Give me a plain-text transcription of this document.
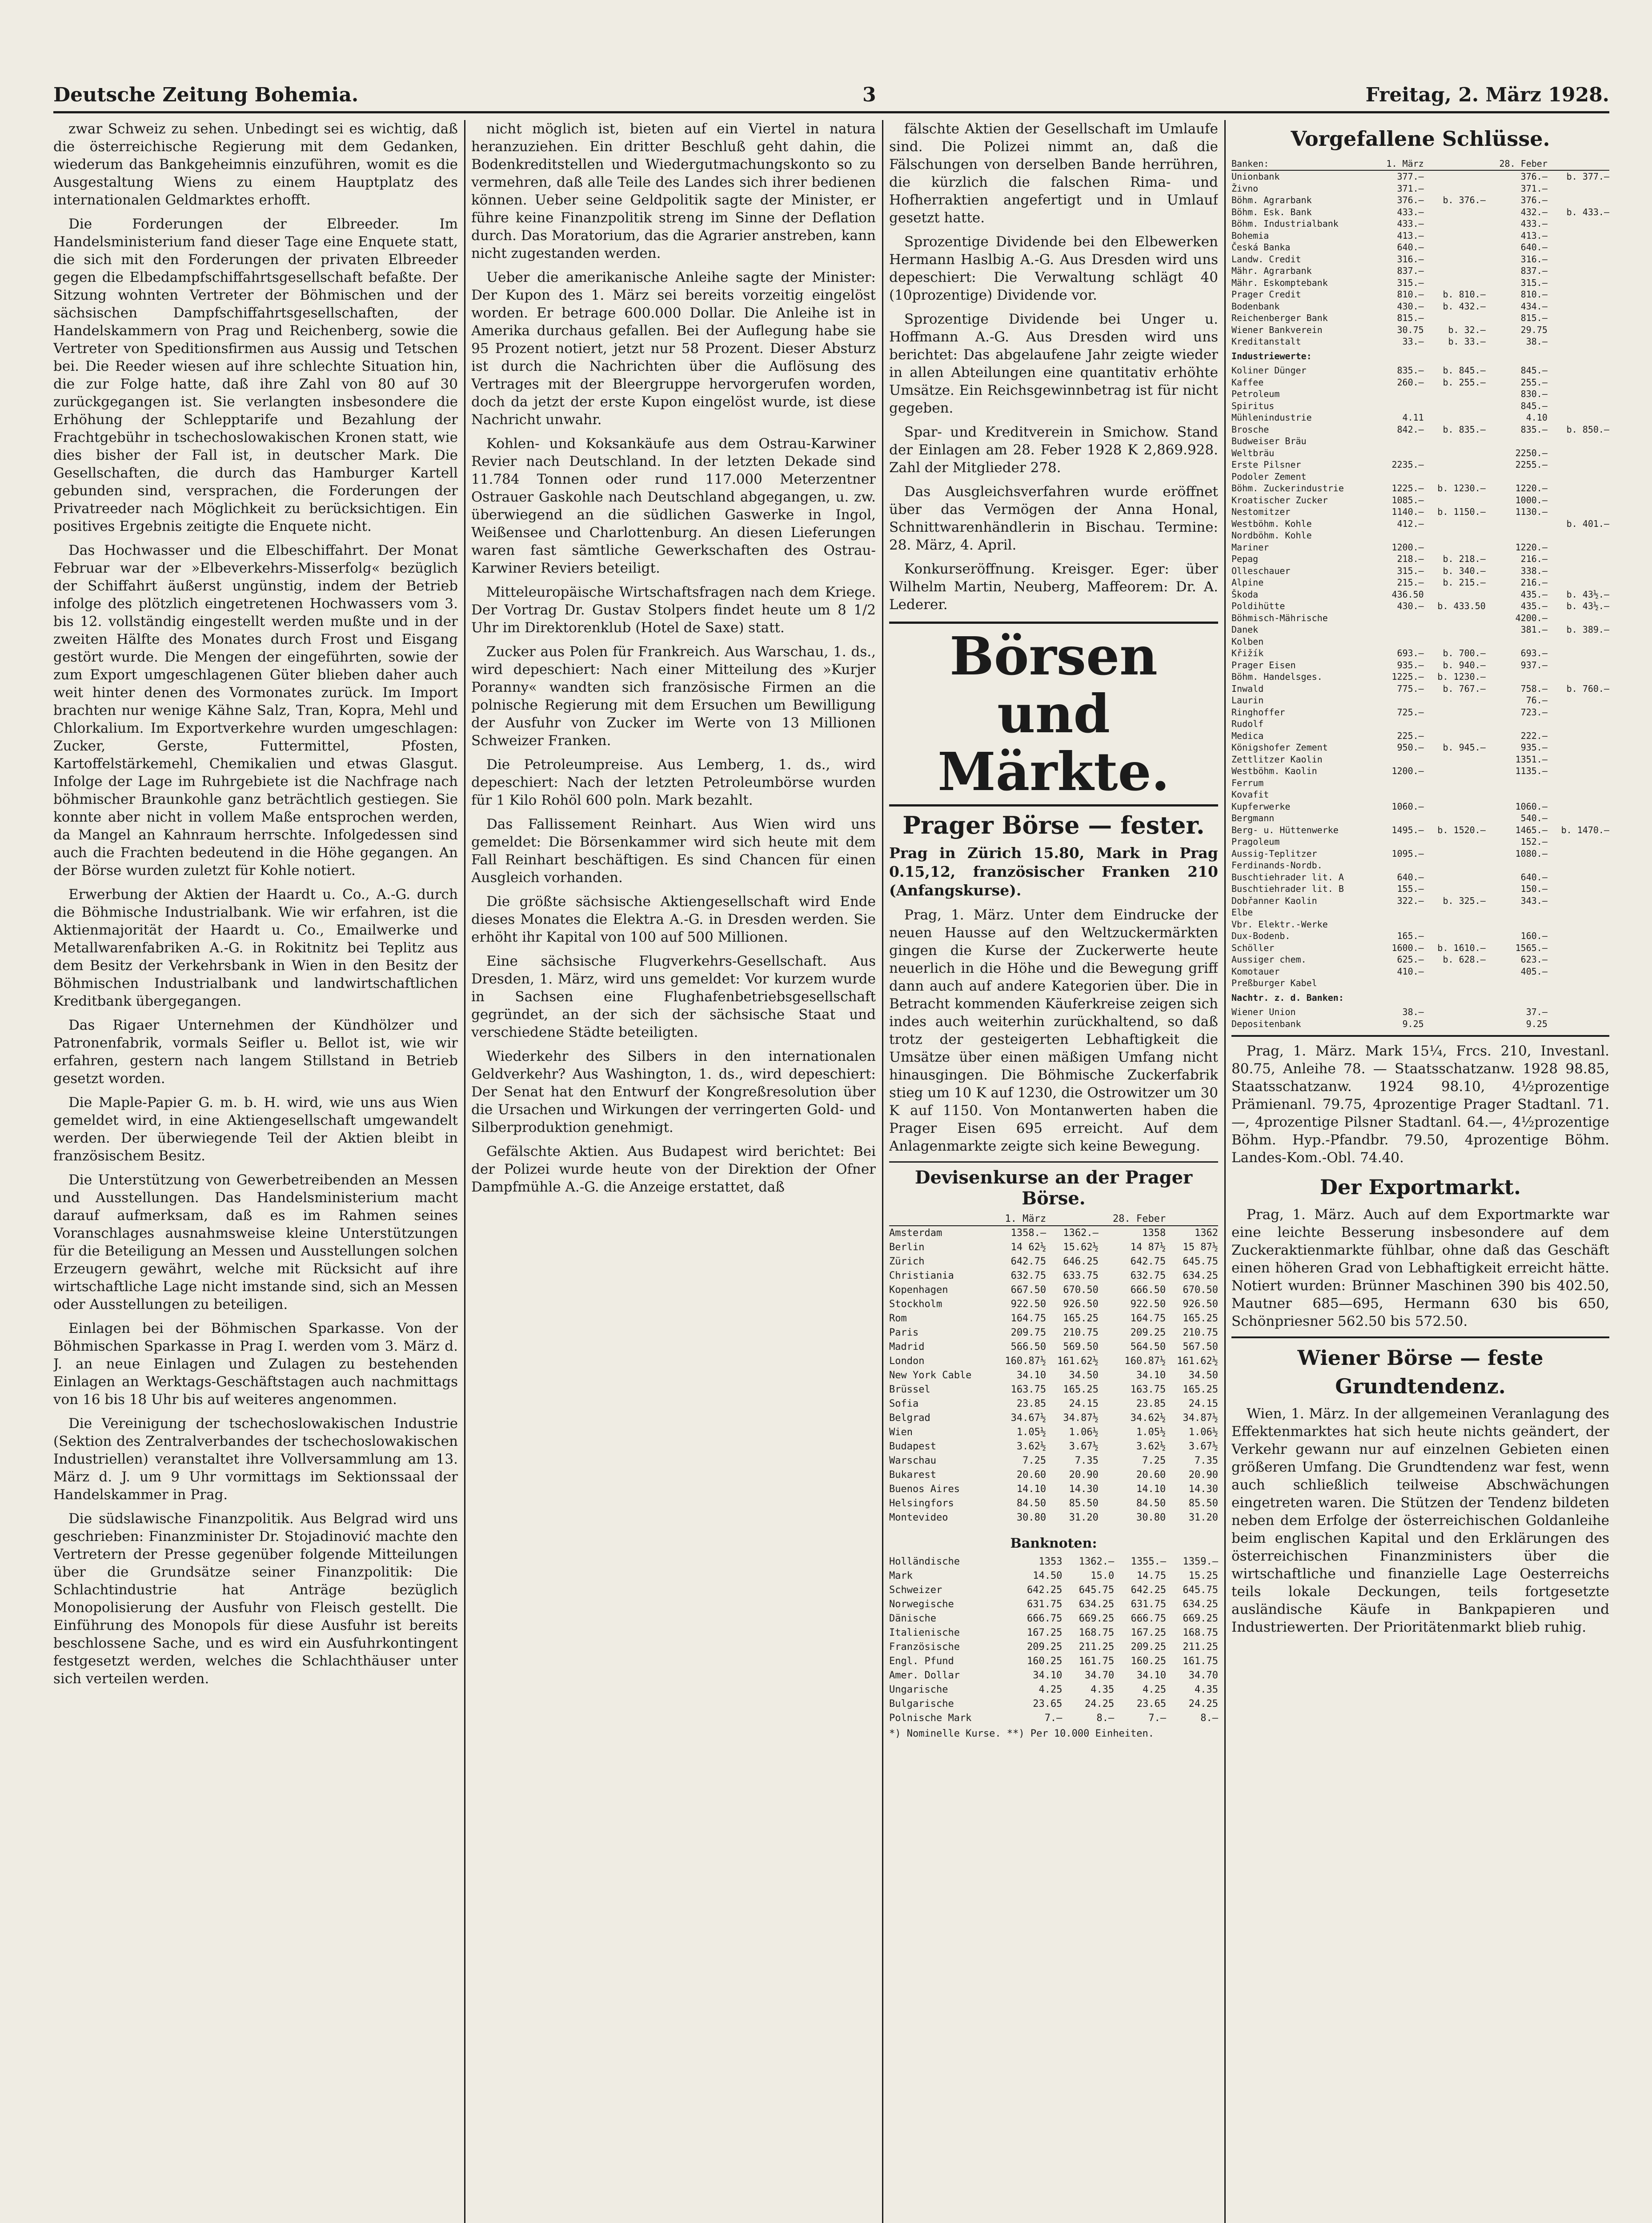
Deutsche Zeitung Bohemia.	3	Freitag, 2. März 1928.

zwar Schweiz zu sehen. Unbedingt sei es wichtig, daß die österreichische Regierung mit dem Gedanken, wiederum das Bankgeheimnis einzuführen, womit es die Ausgestaltung Wiens zu einem Hauptplatz des internationalen Geldmarktes erhofft.

Die Forderungen der Elbreeder. Im Handelsministerium fand dieser Tage eine Enquete statt, die sich mit den Forderungen der privaten Elbreeder gegen die Elbedampfschiffahrtsgesellschaft befaßte. Der Sitzung wohnten Vertreter der Böhmischen und der sächsischen Dampfschiffahrtsgesellschaften, der Handelskammern von Prag und Reichenberg, sowie die Vertreter von Speditionsfirmen aus Aussig und Tetschen bei. Die Reeder wiesen auf ihre schlechte Situation hin, die zur Folge hatte, daß ihre Zahl von 80 auf 30 zurückgegangen ist. Sie verlangten insbesondere die Erhöhung der Schlepptarife und Bezahlung der Frachtgebühr in tschechoslowakischen Kronen statt, wie dies bisher der Fall ist, in deutscher Mark. Die Gesellschaften, die durch das Hamburger Kartell gebunden sind, versprachen, die Forderungen der Privatreeder nach Möglichkeit zu berücksichtigen. Ein positives Ergebnis zeitigte die Enquete nicht.

Das Hochwasser und die Elbeschiffahrt. Der Monat Februar war der »Elbeverkehrs-Misserfolg« bezüglich der Schiffahrt äußerst ungünstig, indem der Betrieb infolge des plötzlich eingetretenen Hochwassers vom 3. bis 12. vollständig eingestellt werden mußte und in der zweiten Hälfte des Monates durch Frost und Eisgang gestört wurde. Die Mengen der eingeführten, sowie der zum Export umgeschlagenen Güter blieben daher auch weit hinter denen des Vormonates zurück. Im Import brachten nur wenige Kähne Salz, Tran, Kopra, Mehl und Chlorkalium. Im Exportverkehre wurden umgeschlagen: Zucker, Gerste, Futtermittel, Pfosten, Kartoffelstärkemehl, Chemikalien und etwas Glasgut. Infolge der Lage im Ruhrgebiete ist die Nachfrage nach böhmischer Braunkohle ganz beträchtlich gestiegen. Sie konnte aber nicht in vollem Maße entsprochen werden, da Mangel an Kahnraum herrschte. Infolgedessen sind auch die Frachten bedeutend in die Höhe gegangen. An der Börse wurden zuletzt für Kohle notiert.

Erwerbung der Aktien der Haardt u. Co., A.-G. durch die Böhmische Industrialbank. Wie wir erfahren, ist die Aktienmajorität der Haardt u. Co., Emailwerke und Metallwarenfabriken A.-G. in Rokitnitz bei Teplitz aus dem Besitz der Verkehrsbank in Wien in den Besitz der Böhmischen Industrialbank und landwirtschaftlichen Kreditbank übergegangen.

Das Rigaer Unternehmen der Kündhölzer und Patronenfabrik, vormals Seifler u. Bellot ist, wie wir erfahren, gestern nach langem Stillstand in Betrieb gesetzt worden.

Die Maple-Papier G. m. b. H. wird, wie uns aus Wien gemeldet wird, in eine Aktiengesellschaft umgewandelt werden. Der überwiegende Teil der Aktien bleibt in französischem Besitz.

Die Unterstützung von Gewerbetreibenden an Messen und Ausstellungen. Das Handelsministerium macht darauf aufmerksam, daß es im Rahmen seines Voranschlages ausnahmsweise kleine Unterstützungen für die Beteiligung an Messen und Ausstellungen solchen Erzeugern gewährt, welche mit Rücksicht auf ihre wirtschaftliche Lage nicht imstande sind, sich an Messen oder Ausstellungen zu beteiligen.

Einlagen bei der Böhmischen Sparkasse. Von der Böhmischen Sparkasse in Prag I. werden vom 3. März d. J. an neue Einlagen und Zulagen zu bestehenden Einlagen an Werktags-Geschäftstagen auch nachmittags von 16 bis 18 Uhr bis auf weiteres angenommen.

Die Vereinigung der tschechoslowakischen Industrie (Sektion des Zentralverbandes der tschechoslowakischen Industriellen) veranstaltet ihre Vollversammlung am 13. März d. J. um 9 Uhr vormittags im Sektionssaal der Handelskammer in Prag.

Die südslawische Finanzpolitik. Aus Belgrad wird uns geschrieben: Finanzminister Dr. Stojadinović machte den Vertretern der Presse gegenüber folgende Mitteilungen über die Grundsätze seiner Finanzpolitik: Die Schlachtindustrie hat Anträge bezüglich Monopolisierung der Ausfuhr von Fleisch gestellt. Die Einführung des Monopols für diese Ausfuhr ist bereits beschlossene Sache, und es wird ein Ausfuhrkontingent festgesetzt werden, welches die Schlachthäuser unter sich verteilen werden.

nicht möglich ist, bieten auf ein Viertel in natura heranzuziehen. Ein dritter Beschluß geht dahin, die Bodenkreditstellen und Wiedergutmachungskonto so zu vermehren, daß alle Teile des Landes sich ihrer bedienen können. Ueber seine Geldpolitik sagte der Minister, er führe keine Finanzpolitik streng im Sinne der Deflation durch. Das Moratorium, das die Agrarier anstreben, kann nicht zugestanden werden.

Ueber die amerikanische Anleihe sagte der Minister: Der Kupon des 1. März sei bereits vorzeitig eingelöst worden. Er betrage 600.000 Dollar. Die Anleihe ist in Amerika durchaus gefallen. Bei der Auflegung habe sie 95 Prozent notiert, jetzt nur 58 Prozent. Dieser Absturz ist durch die Nachrichten über die Auflösung des Vertrages mit der Bleergruppe hervorgerufen worden, doch da jetzt der erste Kupon eingelöst wurde, ist diese Nachricht unwahr.

Kohlen- und Koksankäufe aus dem Ostrau-Karwiner Revier nach Deutschland. In der letzten Dekade sind 11.784 Tonnen oder rund 117.000 Meterzentner Ostrauer Gaskohle nach Deutschland abgegangen, u. zw. überwiegend an die südlichen Gaswerke in Ingol, Weißensee und Charlottenburg. An diesen Lieferungen waren fast sämtliche Gewerkschaften des Ostrau-Karwiner Reviers beteiligt.

Mitteleuropäische Wirtschaftsfragen nach dem Kriege. Der Vortrag Dr. Gustav Stolpers findet heute um 8 1/2 Uhr im Direktorenklub (Hotel de Saxe) statt.

Zucker aus Polen für Frankreich. Aus Warschau, 1. ds., wird depeschiert: Nach einer Mitteilung des »Kurjer Poranny« wandten sich französische Firmen an die polnische Regierung mit dem Ersuchen um Bewilligung der Ausfuhr von Zucker im Werte von 13 Millionen Schweizer Franken.

Die Petroleumpreise. Aus Lemberg, 1. ds., wird depeschiert: Nach der letzten Petroleumbörse wurden für 1 Kilo Rohöl 600 poln. Mark bezahlt.

Das Fallissement Reinhart. Aus Wien wird uns gemeldet: Die Börsenkammer wird sich heute mit dem Fall Reinhart beschäftigen. Es sind Chancen für einen Ausgleich vorhanden.

Die größte sächsische Aktiengesellschaft wird Ende dieses Monates die Elektra A.-G. in Dresden werden. Sie erhöht ihr Kapital von 100 auf 500 Millionen.

Eine sächsische Flugverkehrs-Gesellschaft. Aus Dresden, 1. März, wird uns gemeldet: Vor kurzem wurde in Sachsen eine Flughafenbetriebsgesellschaft gegründet, an der sich der sächsische Staat und verschiedene Städte beteiligten.

Wiederkehr des Silbers in den internationalen Geldverkehr? Aus Washington, 1. ds., wird depeschiert: Der Senat hat den Entwurf der Kongreßresolution über die Ursachen und Wirkungen der verringerten Gold- und Silberproduktion genehmigt.

Gefälschte Aktien. Aus Budapest wird berichtet: Bei der Polizei wurde heute von der Direktion der Ofner Dampfmühle A.-G. die Anzeige erstattet, daß

fälschte Aktien der Gesellschaft im Umlaufe sind. Die Polizei nimmt an, daß die Fälschungen von derselben Bande herrühren, die kürzlich die falschen Rima- und Hofherraktien angefertigt und in Umlauf gesetzt hatte.

Sprozentige Dividende bei den Elbewerken Hermann Haslbig A.-G. Aus Dresden wird uns depeschiert: Die Verwaltung schlägt 40 (10prozentige) Dividende vor.

Sprozentige Dividende bei Unger u. Hoffmann A.-G. Aus Dresden wird uns berichtet: Das abgelaufene Jahr zeigte wieder in allen Abteilungen eine quantitativ erhöhte Umsätze. Ein Reichsgewinnbetrag ist für nicht gegeben.

Spar- und Kreditverein in Smichow. Stand der Einlagen am 28. Feber 1928 K 2,869.928. Zahl der Mitglieder 278.

Das Ausgleichsverfahren wurde eröffnet über das Vermögen der Anna Honal, Schnittwarenhändlerin in Bischau. Termine: 28. März, 4. April.

Konkurseröffnung. Kreisger. Eger: über Wilhelm Martin, Neuberg, Maffeorem: Dr. A. Lederer.

Börsen und Märkte.
Prager Börse — fester.
Prag in Zürich 15.80, Mark in Prag 0.15,12, französischer Franken 210 (Anfangskurse).

Prag, 1. März. Unter dem Eindrucke der neuen Hausse auf den Weltzuckermärkten gingen die Kurse der Zuckerwerte heute neuerlich in die Höhe und die Bewegung griff dann auch auf andere Kategorien über. Die in Betracht kommenden Käuferkreise zeigen sich indes auch weiterhin zurückhaltend, so daß trotz der gesteigerten Lebhaftigkeit die Umsätze über einen mäßigen Umfang nicht hinausgingen. Die Böhmische Zuckerfabrik stieg um 10 K auf 1230, die Ostrowitzer um 30 K auf 1150. Von Montanwerten haben die Prager Eisen 695 erreicht. Auf dem Anlagenmarkte zeigte sich keine Bewegung.

Devisenkurse an der Prager Börse.
	1. März		28. Feber	
Amsterdam	1358.—	1362.—	1358	1362
Berlin	14 62½	15.62½	14 87½	15 87½
Zürich	642.75	646.25	642.75	645.75
Christiania	632.75	633.75	632.75	634.25
Kopenhagen	667.50	670.50	666.50	670.50
Stockholm	922.50	926.50	922.50	926.50
Rom	164.75	165.25	164.75	165.25
Paris	209.75	210.75	209.25	210.75
Madrid	566.50	569.50	564.50	567.50
London	160.87½	161.62½	160.87½	161.62½
New York Cable	34.10	34.50	34.10	34.50
Brüssel	163.75	165.25	163.75	165.25
Sofia	23.85	24.15	23.85	24.15
Belgrad	34.67½	34.87½	34.62½	34.87½
Wien	1.05½	1.06½	1.05½	1.06½
Budapest	3.62½	3.67½	3.62½	3.67½
Warschau	7.25	7.35	7.25	7.35
Bukarest	20.60	20.90	20.60	20.90
Buenos Aires	14.10	14.30	14.10	14.30
Helsingfors	84.50	85.50	84.50	85.50
Montevideo	30.80	31.20	30.80	31.20
Banknoten:
Holländische	1353	1362.—	1355.—	1359.—
Mark	14.50	15.0	14.75	15.25
Schweizer	642.25	645.75	642.25	645.75
Norwegische	631.75	634.25	631.75	634.25
Dänische	666.75	669.25	666.75	669.25
Italienische	167.25	168.75	167.25	168.75
Französische	209.25	211.25	209.25	211.25
Engl. Pfund	160.25	161.75	160.25	161.75
Amer. Dollar	34.10	34.70	34.10	34.70
Ungarische	4.25	4.35	4.25	4.35
Bulgarische	23.65	24.25	23.65	24.25
Polnische Mark	7.—	8.—	7.—	8.—
*) Nominelle Kurse. **) Per 10.000 Einheiten.
Vorgefallene Schlüsse.
Banken:	1. März		28. Feber	
Unionbank	377.—		376.—	b. 377.—
Živno	371.—		371.—	
Böhm. Agrarbank	376.—	b. 376.—	376.—	
Böhm. Esk. Bank	433.—		432.—	b. 433.—
Böhm. Industrialbank	433.—		433.—	
Bohemia	413.—		413.—	
Česká Banka	640.—		640.—	
Landw. Credit	316.—		316.—	
Mähr. Agrarbank	837.—		837.—	
Mähr. Eskomptebank	315.—		315.—	
Prager Credit	810.—	b. 810.—	810.—	
Bodenbank	430.—	b. 432.—	434.—	
Reichenberger Bank	815.—		815.—	
Wiener Bankverein	30.75	b. 32.—	29.75	
Kreditanstalt	33.—	b. 33.—	38.—	
Industriewerte:				
Koliner Dünger	835.—	b. 845.—	845.—	
Kaffee	260.—	b. 255.—	255.—	
Petroleum			830.—	
Spiritus			845.—	
Mühlenindustrie	4.11		4.10	
Brosche	842.—	b. 835.—	835.—	b. 850.—
Budweiser Bräu				
Weltbräu			2250.—	
Erste Pilsner	2235.—		2255.—	
Podoler Zement				
Böhm. Zuckerindustrie	1225.—	b. 1230.—	1220.—	
Kroatischer Zucker	1085.—		1000.—	
Nestomitzer	1140.—	b. 1150.—	1130.—	
Westböhm. Kohle	412.—			b. 401.—
Nordböhm. Kohle				
Mariner	1200.—		1220.—	
Pepag	218.—	b. 218.—	216.—	
Olleschauer	315.—	b. 340.—	338.—	
Alpine	215.—	b. 215.—	216.—	
Škoda	436.50		435.—	b. 43½.—
Poldihütte	430.—	b. 433.50	435.—	b. 43½.—
Böhmisch-Mährische			4200.—	
Danek			381.—	b. 389.—
Kolben				
Křižík	693.—	b. 700.—	693.—	
Prager Eisen	935.—	b. 940.—	937.—	
Böhm. Handelsges.	1225.—	b. 1230.—		
Inwald	775.—	b. 767.—	758.—	b. 760.—
Laurin			76.—	
Ringhoffer	725.—		723.—	
Rudolf				
Medica	225.—		222.—	
Königshofer Zement	950.—	b. 945.—	935.—	
Zettlitzer Kaolin			1351.—	
Westböhm. Kaolin	1200.—		1135.—	
Ferrum				
Kovafit				
Kupferwerke	1060.—		1060.—	
Bergmann			540.—	
Berg- u. Hüttenwerke	1495.—	b. 1520.—	1465.—	b. 1470.—
Pragoleum			152.—	
Aussig-Teplitzer	1095.—		1080.—	
Ferdinands-Nordb.				
Buschtiehrader lit. A	640.—		640.—	
Buschtiehrader lit. B	155.—		150.—	
Dobřanner Kaolin	322.—	b. 325.—	343.—	
Elbe				
Vbr. Elektr.-Werke				
Dux-Bodenb.	165.—		160.—	
Schöller	1600.—	b. 1610.—	1565.—	
Aussiger chem.	625.—	b. 628.—	623.—	
Komotauer	410.—		405.—	
Preßburger Kabel				
Nachtr. z. d. Banken:				
Wiener Union	38.—		37.—	
Depositenbank	9.25		9.25	

Prag, 1. März. Mark 15¼, Frcs. 210, Investanl. 80.75, Anleihe 78. — Staatsschatzanw. 1928 98.85, Staatsschatzanw. 1924 98.10, 4½prozentige Prämienanl. 79.75, 4prozentige Prager Stadtanl. 71.—, 4prozentige Pilsner Stadtanl. 64.—, 4½prozentige Böhm. Hyp.-Pfandbr. 79.50, 4prozentige Böhm. Landes-Kom.-Obl. 74.40.

Der Exportmarkt.

Prag, 1. März. Auch auf dem Exportmarkte war eine leichte Besserung insbesondere auf dem Zuckeraktienmarkte fühlbar, ohne daß das Geschäft einen höheren Grad von Lebhaftigkeit erreicht hätte. Notiert wurden: Brünner Maschinen 390 bis 402.50, Mautner 685—695, Hermann 630 bis 650, Schönpriesner 562.50 bis 572.50.

Wiener Börse — feste Grundtendenz.

Wien, 1. März. In der allgemeinen Veranlagung des Effektenmarktes hat sich heute nichts geändert, der Verkehr gewann nur auf einzelnen Gebieten einen größeren Umfang. Die Grundtendenz war fest, wenn auch schließlich teilweise Abschwächungen eingetreten waren. Die Stützen der Tendenz bildeten neben dem Erfolge der österreichischen Goldanleihe beim englischen Kapital und den Erklärungen des österreichischen Finanzministers über die wirtschaftliche und finanzielle Lage Oesterreichs teils lokale Deckungen, teils fortgesetzte ausländische Käufe in Bankpapieren und Industriewerten. Der Prioritätenmarkt blieb ruhig.
